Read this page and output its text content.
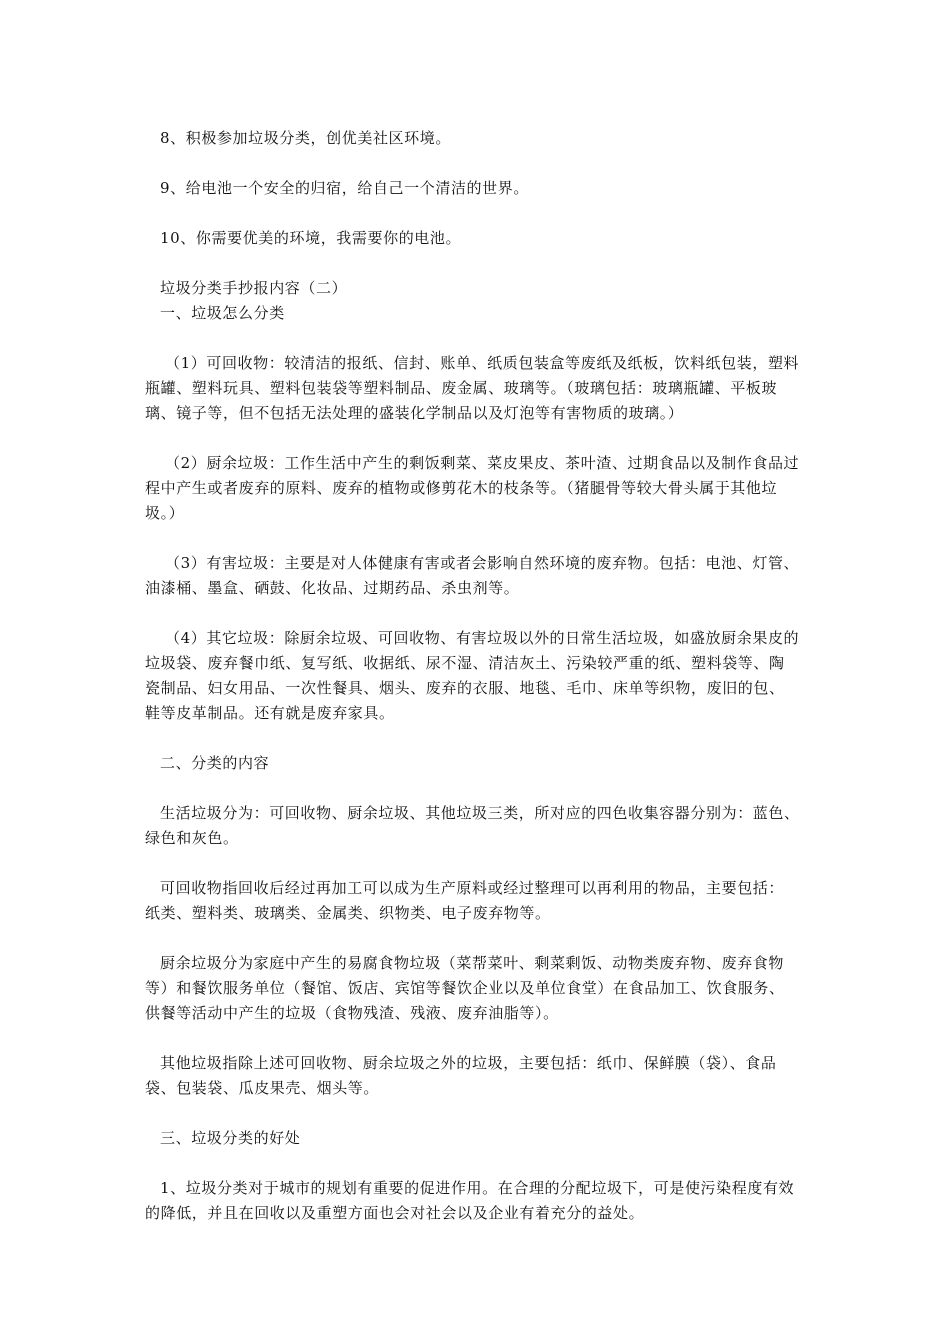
8、积极参加垃圾分类，创优美社区环境。
9、给电池一个安全的归宿，给自己一个清洁的世界。
10、你需要优美的环境，我需要你的电池。
垃圾分类手抄报内容（二）
一、垃圾怎么分类
（1）可回收物：较清洁的报纸、信封、账单、纸质包装盒等废纸及纸板，饮料纸包装，塑料
瓶罐、塑料玩具、塑料包装袋等塑料制品、废金属、玻璃等。（玻璃包括：玻璃瓶罐、平板玻
璃、镜子等，但不包括无法处理的盛装化学制品以及灯泡等有害物质的玻璃。）
（2）厨余垃圾：工作生活中产生的剩饭剩菜、菜皮果皮、茶叶渣、过期食品以及制作食品过
程中产生或者废弃的原料、废弃的植物或修剪花木的枝条等。（猪腿骨等较大骨头属于其他垃
圾。）
（3）有害垃圾：主要是对人体健康有害或者会影响自然环境的废弃物。包括：电池、灯管、
油漆桶、墨盒、硒鼓、化妆品、过期药品、杀虫剂等。
（4）其它垃圾：除厨余垃圾、可回收物、有害垃圾以外的日常生活垃圾，如盛放厨余果皮的
垃圾袋、废弃餐巾纸、复写纸、收据纸、尿不湿、清洁灰土、污染较严重的纸、塑料袋等、陶
瓷制品、妇女用品、一次性餐具、烟头、废弃的衣服、地毯、毛巾、床单等织物，废旧的包、
鞋等皮革制品。还有就是废弃家具。
二、分类的内容
生活垃圾分为：可回收物、厨余垃圾、其他垃圾三类，所对应的四色收集容器分别为：蓝色、
绿色和灰色。
可回收物指回收后经过再加工可以成为生产原料或经过整理可以再利用的物品，主要包括：
纸类、塑料类、玻璃类、金属类、织物类、电子废弃物等。
厨余垃圾分为家庭中产生的易腐食物垃圾（菜帮菜叶、剩菜剩饭、动物类废弃物、废弃食物
等）和餐饮服务单位（餐馆、饭店、宾馆等餐饮企业以及单位食堂）在食品加工、饮食服务、
供餐等活动中产生的垃圾（食物残渣、残液、废弃油脂等）。
其他垃圾指除上述可回收物、厨余垃圾之外的垃圾，主要包括：纸巾、保鲜膜（袋）、食品
袋、包装袋、瓜皮果壳、烟头等。
三、垃圾分类的好处
1、垃圾分类对于城市的规划有重要的促进作用。在合理的分配垃圾下，可是使污染程度有效
的降低，并且在回收以及重塑方面也会对社会以及企业有着充分的益处。
